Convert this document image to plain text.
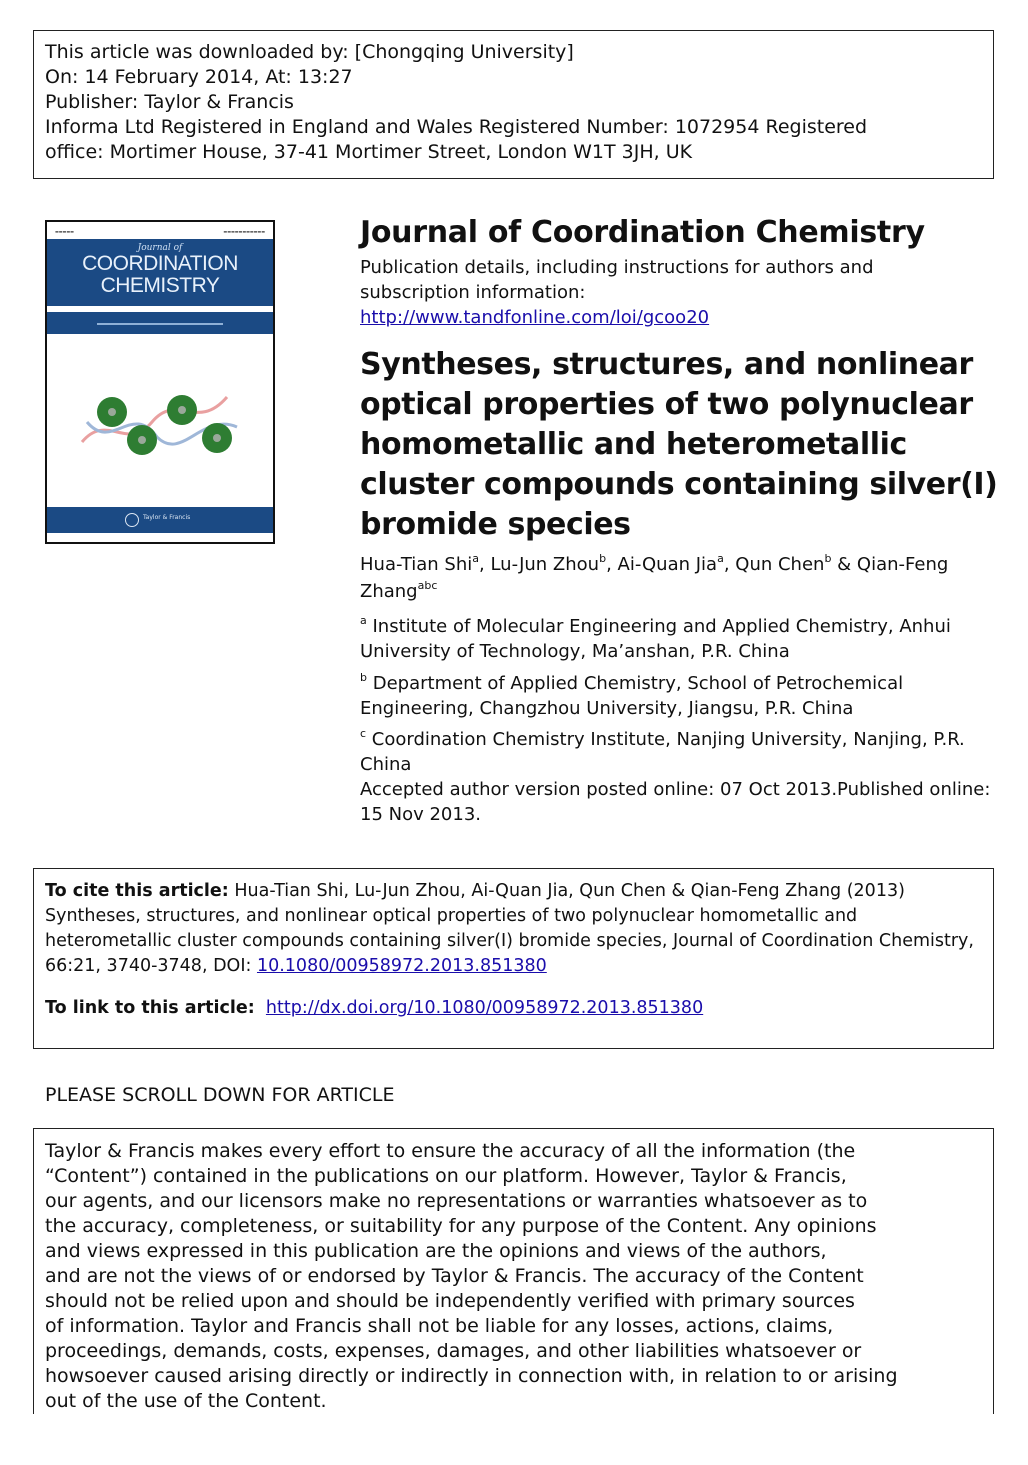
This article was downloaded by: [Chongqing University]
On: 14 February 2014, At: 13:27
Publisher: Taylor & Francis
Informa Ltd Registered in England and Wales Registered Number: 1072954 Registered
office: Mortimer House, 37-41 Mortimer Street, London W1T 3JH, UK
▬▬▬▬▬	▬▬▬▬▬▬▬▬▬▬▬
Journal of
COORDINATION
CHEMISTRY
Taylor & Francis
Journal of Coordination Chemistry
Publication details, including instructions for authors and
subscription information:
http://www.tandfonline.com/loi/gcoo20
Syntheses, structures, and nonlinear optical properties of two polynuclear homometallic and heterometallic cluster compounds containing silver(I) bromide species
Hua-Tian Shi$^a$, Lu-Jun Zhou$^b$, Ai-Quan Jia$^a$, Qun Chen$^b$ & Qian-Feng Zhang$^{abc}$
$^a$ Institute of Molecular Engineering and Applied Chemistry, Anhui University of Technology, Ma’anshan, P.R. China
$^b$ Department of Applied Chemistry, School of Petrochemical Engineering, Changzhou University, Jiangsu, P.R. China
$^c$ Coordination Chemistry Institute, Nanjing University, Nanjing, P.R. China
Accepted author version posted online: 07 Oct 2013.Published online: 15 Nov 2013.
To cite this article: Hua-Tian Shi, Lu-Jun Zhou, Ai-Quan Jia, Qun Chen & Qian-Feng Zhang (2013) Syntheses, structures, and nonlinear optical properties of two polynuclear homometallic and heterometallic cluster compounds containing silver(I) bromide species, Journal of Coordination Chemistry, 66:21, 3740-3748, DOI: 10.1080/00958972.2013.851380
To link to this article: http://dx.doi.org/10.1080/00958972.2013.851380
PLEASE SCROLL DOWN FOR ARTICLE
Taylor & Francis makes every effort to ensure the accuracy of all the information (the
“Content”) contained in the publications on our platform. However, Taylor & Francis,
our agents, and our licensors make no representations or warranties whatsoever as to
the accuracy, completeness, or suitability for any purpose of the Content. Any opinions
and views expressed in this publication are the opinions and views of the authors,
and are not the views of or endorsed by Taylor & Francis. The accuracy of the Content
should not be relied upon and should be independently verified with primary sources
of information. Taylor and Francis shall not be liable for any losses, actions, claims,
proceedings, demands, costs, expenses, damages, and other liabilities whatsoever or
howsoever caused arising directly or indirectly in connection with, in relation to or arising
out of the use of the Content.
